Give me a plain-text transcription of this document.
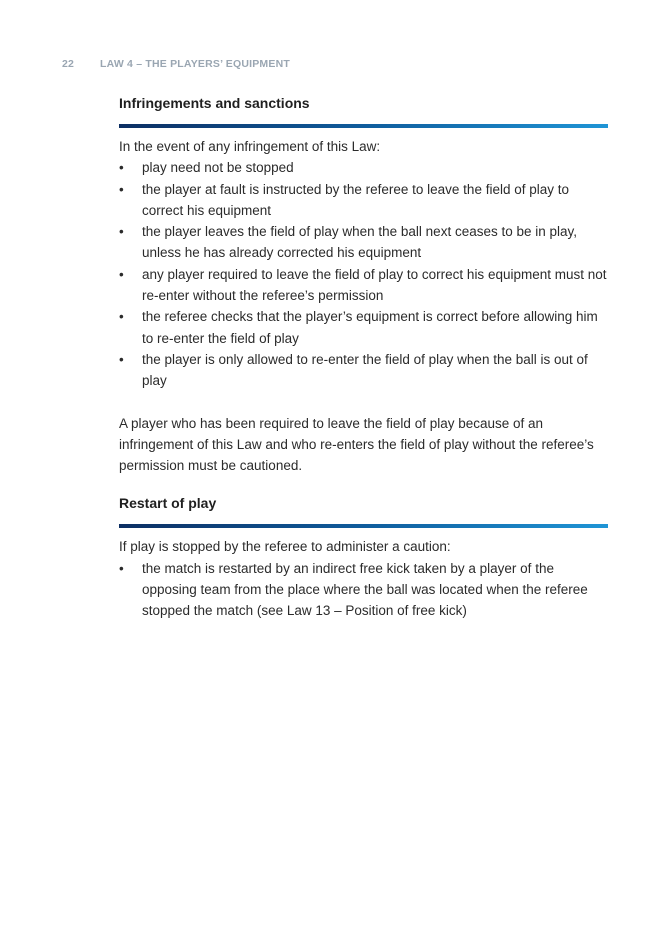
22 LAW 4 – THE PLAYERS’ EQUIPMENT
Infringements and sanctions

In the event of any infringement of this Law:

•	play need not be stopped
•	the player at fault is instructed by the referee to leave the field of play to correct his equipment
•	the player leaves the field of play when the ball next ceases to be in play, unless he has already corrected his equipment
•	any player required to leave the field of play to correct his equipment must not re-enter without the referee’s permission
•	the referee checks that the player’s equipment is correct before allowing him to re-enter the field of play
•	the player is only allowed to re-enter the field of play when the ball is out of play

A player who has been required to leave the field of play because of an infringement of this Law and who re-enters the field of play without the referee’s permission must be cautioned.

Restart of play

If play is stopped by the referee to administer a caution:

•	the match is restarted by an indirect free kick taken by a player of the opposing team from the place where the ball was located when the referee stopped the match (see Law 13 – Position of free kick)
